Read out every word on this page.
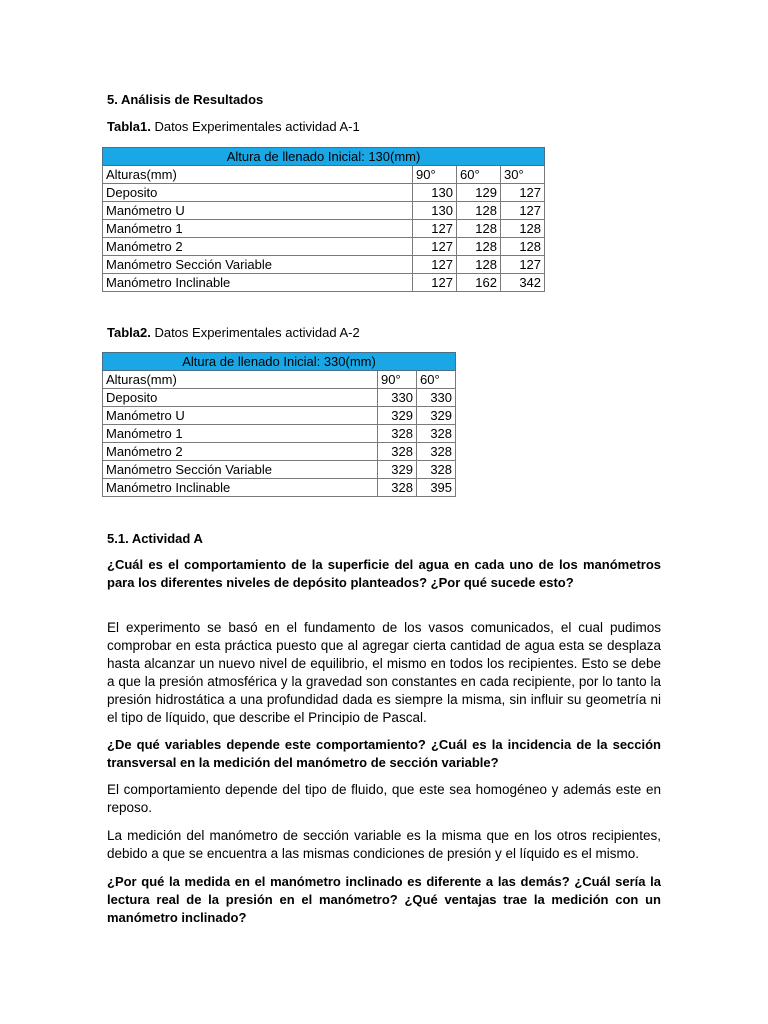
5. Análisis de Resultados
Tabla1. Datos Experimentales actividad A-1
Altura de llenado Inicial: 130(mm)			
Alturas(mm)	90°	60°	30°
Deposito	130	129	127
Manómetro U	130	128	127
Manómetro 1	127	128	128
Manómetro 2	127	128	128
Manómetro Sección Variable	127	128	127
Manómetro Inclinable	127	162	342
Tabla2. Datos Experimentales actividad A-2
Altura de llenado Inicial: 330(mm)		
Alturas(mm)	90°	60°
Deposito	330	330
Manómetro U	329	329
Manómetro 1	328	328
Manómetro 2	328	328
Manómetro Sección Variable	329	328
Manómetro Inclinable	328	395
5.1. Actividad A
¿Cuál es el comportamiento de la superficie del agua en cada uno de los manómetros para los diferentes niveles de depósito planteados? ¿Por qué sucede esto?
El experimento se basó en el fundamento de los vasos comunicados, el cual pudimos comprobar en esta práctica puesto que al agregar cierta cantidad de agua esta se desplaza hasta alcanzar un nuevo nivel de equilibrio, el mismo en todos los recipientes. Esto se debe a que la presión atmosférica y la gravedad son constantes en cada recipiente, por lo tanto la presión hidrostática a una profundidad dada es siempre la misma, sin influir su geometría ni el tipo de líquido, que describe el Principio de Pascal.
¿De qué variables depende este comportamiento? ¿Cuál es la incidencia de la sección transversal en la medición del manómetro de sección variable?
El comportamiento depende del tipo de fluido, que este sea homogéneo y además este en reposo.
La medición del manómetro de sección variable es la misma que en los otros recipientes, debido a que se encuentra a las mismas condiciones de presión y el líquido es el mismo.
¿Por qué la medida en el manómetro inclinado es diferente a las demás? ¿Cuál sería la lectura real de la presión en el manómetro? ¿Qué ventajas trae la medición con un manómetro inclinado?
